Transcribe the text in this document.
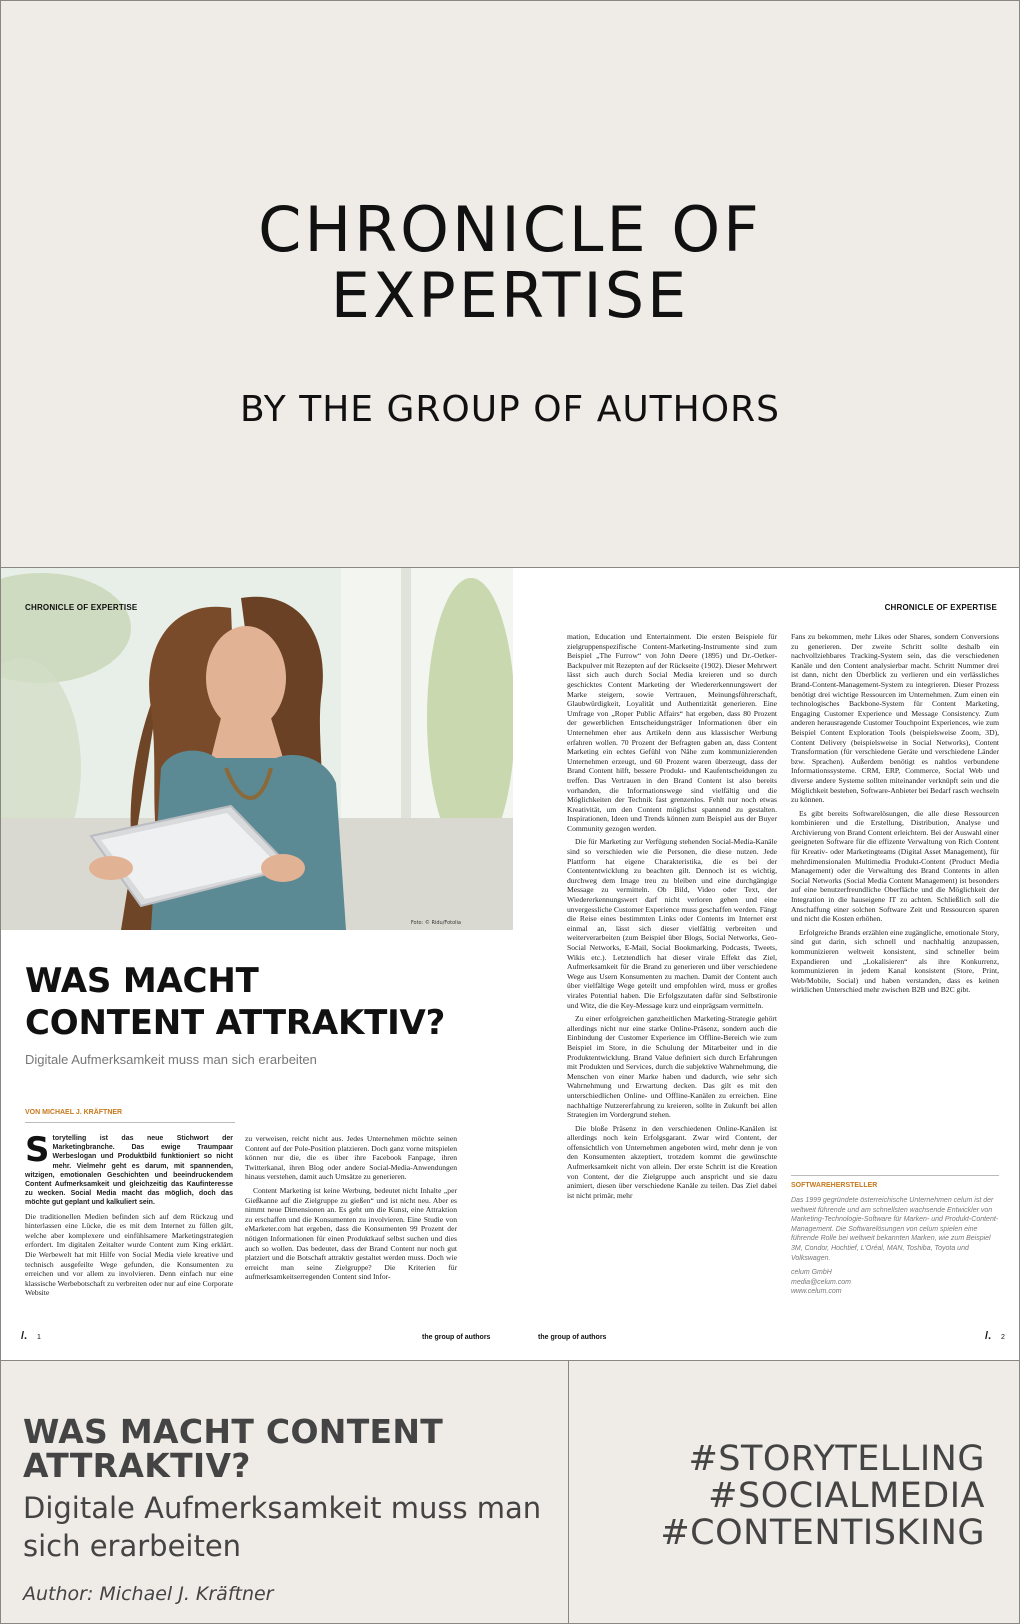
CHRONICLE OF
EXPERTISE
BY THE GROUP OF AUTHORS
Foto: © Ridu/Fotolia
CHRONICLE OF EXPERTISE	CHRONICLE OF EXPERTISE
WAS MACHT
CONTENT ATTRAKTIV?
Digitale Aufmerksamkeit muss man sich erarbeiten
VON MICHAEL J. KRÄFTNER

Storytelling ist das neue Stichwort der Marketingbranche. Das ewige Traumpaar Werbeslogan und Produktbild funktioniert so nicht mehr. Vielmehr geht es darum, mit spannenden, witzigen, emotionalen Geschichten und beeindruckendem Content Aufmerksamkeit und gleichzeitig das Kaufinteresse zu wecken. Social Media macht das möglich, doch das möchte gut geplant und kalkuliert sein.

Die traditionellen Medien befinden sich auf dem Rückzug und hinterlassen eine Lücke, die es mit dem Internet zu füllen gilt, welche aber komplexere und einfühlsamere Marketingstrategien erfordert. Im digitalen Zeitalter wurde Content zum King erklärt. Die Werbewelt hat mit Hilfe von Social Media viele kreative und technisch ausgefeilte Wege gefunden, die Konsumenten zu erreichen und vor allem zu involvieren. Denn einfach nur eine klassische Werbebotschaft zu verbreiten oder nur auf eine Corporate Website

zu verweisen, reicht nicht aus. Jedes Unternehmen möchte seinen Content auf der Pole-Position platzieren. Doch ganz vorne mitspielen können nur die, die es über ihre Facebook Fanpage, ihren Twitterkanal, ihren Blog oder andere Social-Media-Anwendungen hinaus verstehen, damit auch Umsätze zu generieren.

Content Marketing ist keine Werbung, bedeutet nicht Inhalte „per Gießkanne auf die Zielgruppe zu gießen“ und ist nicht neu. Aber es nimmt neue Dimensionen an. Es geht um die Kunst, eine Attraktion zu erschaffen und die Konsumenten zu involvieren. Eine Studie von eMarketer.com hat ergeben, dass die Konsumenten 99 Prozent der nötigen Informationen für einen Produktkauf selbst suchen und dies auch so wollen. Das bedeutet, dass der Brand Content nur noch gut platziert und die Botschaft attraktiv gestaltet werden muss. Doch wie erreicht man seine Zielgruppe? Die Kriterien für aufmerksamkeitserregenden Content sind Infor-

mation, Education und Entertainment. Die ersten Beispiele für zielgruppenspezifische Content-Marketing-Instrumente sind zum Beispiel „The Furrow“ von John Deere (1895) und Dr.-Oetker-Backpulver mit Rezepten auf der Rückseite (1902). Dieser Mehrwert lässt sich auch durch Social Media kreieren und so durch geschicktes Content Marketing der Wiedererkennungswert der Marke steigern, sowie Vertrauen, Meinungsführerschaft, Glaubwürdigkeit, Loyalität und Authentizität generieren. Eine Umfrage von „Roper Public Affairs“ hat ergeben, dass 80 Prozent der gewerblichen Entscheidungsträger Informationen über ein Unternehmen eher aus Artikeln denn aus klassischer Werbung erfahren wollen. 70 Prozent der Befragten gaben an, dass Content Marketing ein echtes Gefühl von Nähe zum kommunizierenden Unternehmen erzeugt, und 60 Prozent waren überzeugt, dass der Brand Content hilft, bessere Produkt- und Kaufentscheidungen zu treffen. Das Vertrauen in den Brand Content ist also bereits vorhanden, die Informationswege sind vielfältig und die Möglichkeiten der Technik fast grenzenlos. Fehlt nur noch etwas Kreativität, um den Content möglichst spannend zu gestalten. Inspirationen, Ideen und Trends können zum Beispiel aus der Buyer Community gezogen werden.

Die für Marketing zur Verfügung stehenden Social-Media-Kanäle sind so verschieden wie die Personen, die diese nutzen. Jede Plattform hat eigene Charakteristika, die es bei der Contententwicklung zu beachten gilt. Dennoch ist es wichtig, durchweg dem Image treu zu bleiben und eine durchgängige Message zu vermitteln. Ob Bild, Video oder Text, der Wiedererkennungswert darf nicht verloren gehen und eine unvergessliche Customer Experience muss geschaffen werden. Fängt die Reise eines bestimmten Links oder Contents im Internet erst einmal an, lässt sich dieser vielfältig verbreiten und weiterverarbeiten (zum Beispiel über Blogs, Social Networks, Geo-Social Networks, E-Mail, Social Bookmarking, Podcasts, Tweets, Wikis etc.). Letztendlich hat dieser virale Effekt das Ziel, Aufmerksamkeit für die Brand zu generieren und über verschiedene Wege aus Usern Konsumenten zu machen. Damit der Content auch über vielfältige Wege geteilt und empfohlen wird, muss er großes virales Potential haben. Die Erfolgszutaten dafür sind Selbstironie und Witz, die die Key-Message kurz und einprägsam vermitteln.

Zu einer erfolgreichen ganzheitlichen Marketing-Strategie gehört allerdings nicht nur eine starke Online-Präsenz, sondern auch die Einbindung der Customer Experience im Offline-Bereich wie zum Beispiel im Store, in die Schulung der Mitarbeiter und in die Produktentwicklung. Brand Value definiert sich durch Erfahrungen mit Produkten und Services, durch die subjektive Wahrnehmung, die Menschen von einer Marke haben und dadurch, wie sehr sich Wahrnehmung und Erwartung decken. Das gilt es mit den unterschiedlichen Online- und Offline-Kanälen zu erreichen. Eine nachhaltige Nutzererfahrung zu kreieren, sollte in Zukunft bei allen Strategien im Vordergrund stehen.

Die bloße Präsenz in den verschiedenen Online-Kanälen ist allerdings noch kein Erfolgsgarant. Zwar wird Content, der offensichtlich von Unternehmen angeboten wird, mehr denn je von den Konsumenten akzeptiert, trotzdem kommt die gewünschte Aufmerksamkeit nicht von allein. Der erste Schritt ist die Kreation von Content, der die Zielgruppe auch anspricht und sie dazu animiert, diesen über verschiedene Kanäle zu teilen. Das Ziel dabei ist nicht primär, mehr

Fans zu bekommen, mehr Likes oder Shares, sondern Conversions zu generieren. Der zweite Schritt sollte deshalb ein nachvollziehbares Tracking-System sein, das die verschiedenen Kanäle und den Content analysierbar macht. Schritt Nummer drei ist dann, nicht den Überblick zu verlieren und ein verlässliches Brand-Content-Management-System zu integrieren. Dieser Prozess benötigt drei wichtige Ressourcen im Unternehmen. Zum einen ein technologisches Backbone-System für Content Marketing, Engaging Customer Experience und Message Consistency. Zum anderen herausragende Customer Touchpoint Experiences, wie zum Beispiel Content Exploration Tools (beispielsweise Zoom, 3D), Content Delivery (beispielsweise in Social Networks), Content Transformation (für verschiedene Geräte und verschiedene Länder bzw. Sprachen). Außerdem benötigt es nahtlos verbundene Informationssysteme. CRM, ERP, Commerce, Social Web und diverse andere Systeme sollten miteinander verknüpft sein und die Möglichkeit bestehen, Software-Anbieter bei Bedarf rasch wechseln zu können.

Es gibt bereits Softwarelösungen, die alle diese Ressourcen kombinieren und die Erstellung, Distribution, Analyse und Archivierung von Brand Content erleichtern. Bei der Auswahl einer geeigneten Software für die effizente Verwaltung von Rich Content für Kreativ- oder Marketingteams (Digital Asset Management), für mehrdimensionalen Multimedia Produkt-Content (Product Media Management) oder die Verwaltung des Brand Contents in allen Social Networks (Social Media Content Management) ist besonders auf eine benutzerfreundliche Oberfläche und die Möglichkeit der Integration in die hauseigene IT zu achten. Schließlich soll die Anschaffung einer solchen Software Zeit und Ressourcen sparen und nicht die Kosten erhöhen.

Erfolgreiche Brands erzählen eine zugängliche, emotionale Story, sind gut darin, sich schnell und nachhaltig anzupassen, kommunizieren weltweit konsistent, sind schneller beim Expandieren und „Lokalisieren“ als ihre Konkurrenz, kommunizieren in jedem Kanal konsistent (Store, Print, Web/Mobile, Social) und haben verstanden, dass es keinen wirklichen Unterschied mehr zwischen B2B und B2C gibt.

SOFTWAREHERSTELLER
Das 1999 gegründete österreichische Unternehmen celum ist der weltweit führende und am schnellsten wachsende Entwickler von Marketing-Technologie-Software für Marken- und Produkt-Content-Management. Die Softwarelösungen von celum spielen eine führende Rolle bei weltweit bekannten Marken, wie zum Beispiel 3M, Condor, Hochtief, L'Oréal, MAN, Toshiba, Toyota und Volkswagen.
celum GmbH
media@celum.com
www.celum.com
/. 1	the group of authors	the group of authors	/. 2
WAS MACHT CONTENT ATTRAKTIV?
Digitale Aufmerksamkeit muss man sich erarbeiten
Author: Michael J. Kräftner
#STORYTELLING
#SOCIALMEDIA
#CONTENTISKING
